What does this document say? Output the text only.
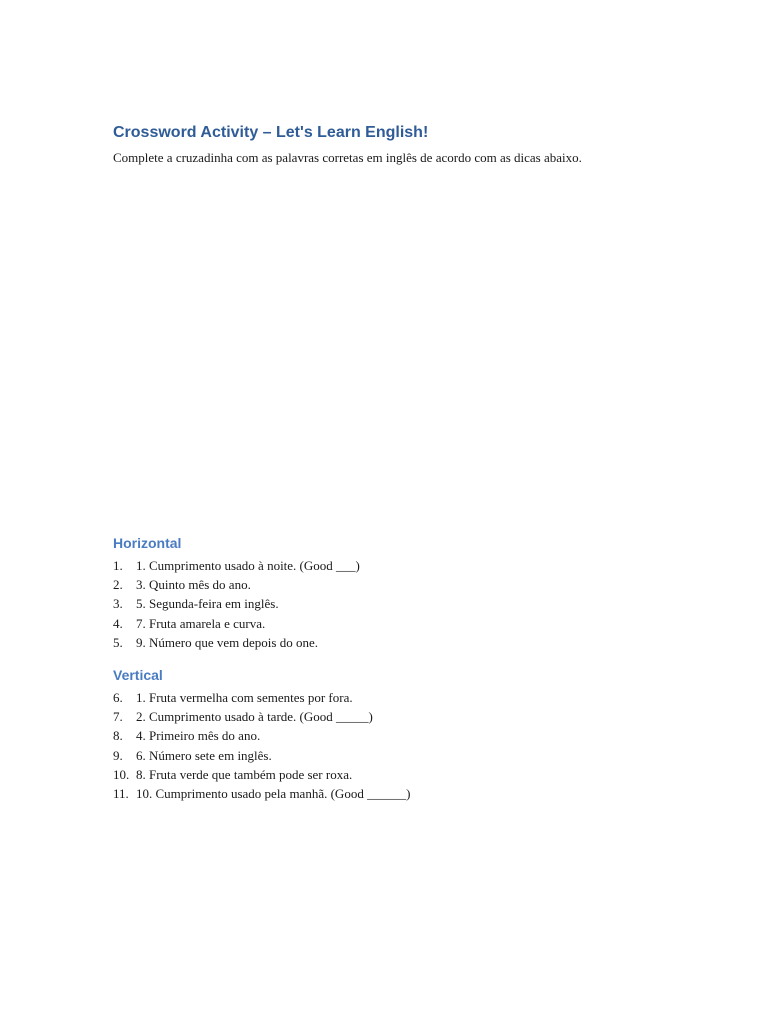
Crossword Activity – Let's Learn English!

Complete a cruzadinha com as palavras corretas em inglês de acordo com as dicas abaixo.

Horizontal
1.	1. Cumprimento usado à noite. (Good ___)
2.	3. Quinto mês do ano.
3.	5. Segunda-feira em inglês.
4.	7. Fruta amarela e curva.
5.	9. Número que vem depois do one.
Vertical
6.	1. Fruta vermelha com sementes por fora.
7.	2. Cumprimento usado à tarde. (Good _____)
8.	4. Primeiro mês do ano.
9.	6. Número sete em inglês.
10. 8. Fruta verde que também pode ser roxa.
11. 10. Cumprimento usado pela manhã. (Good ______)
